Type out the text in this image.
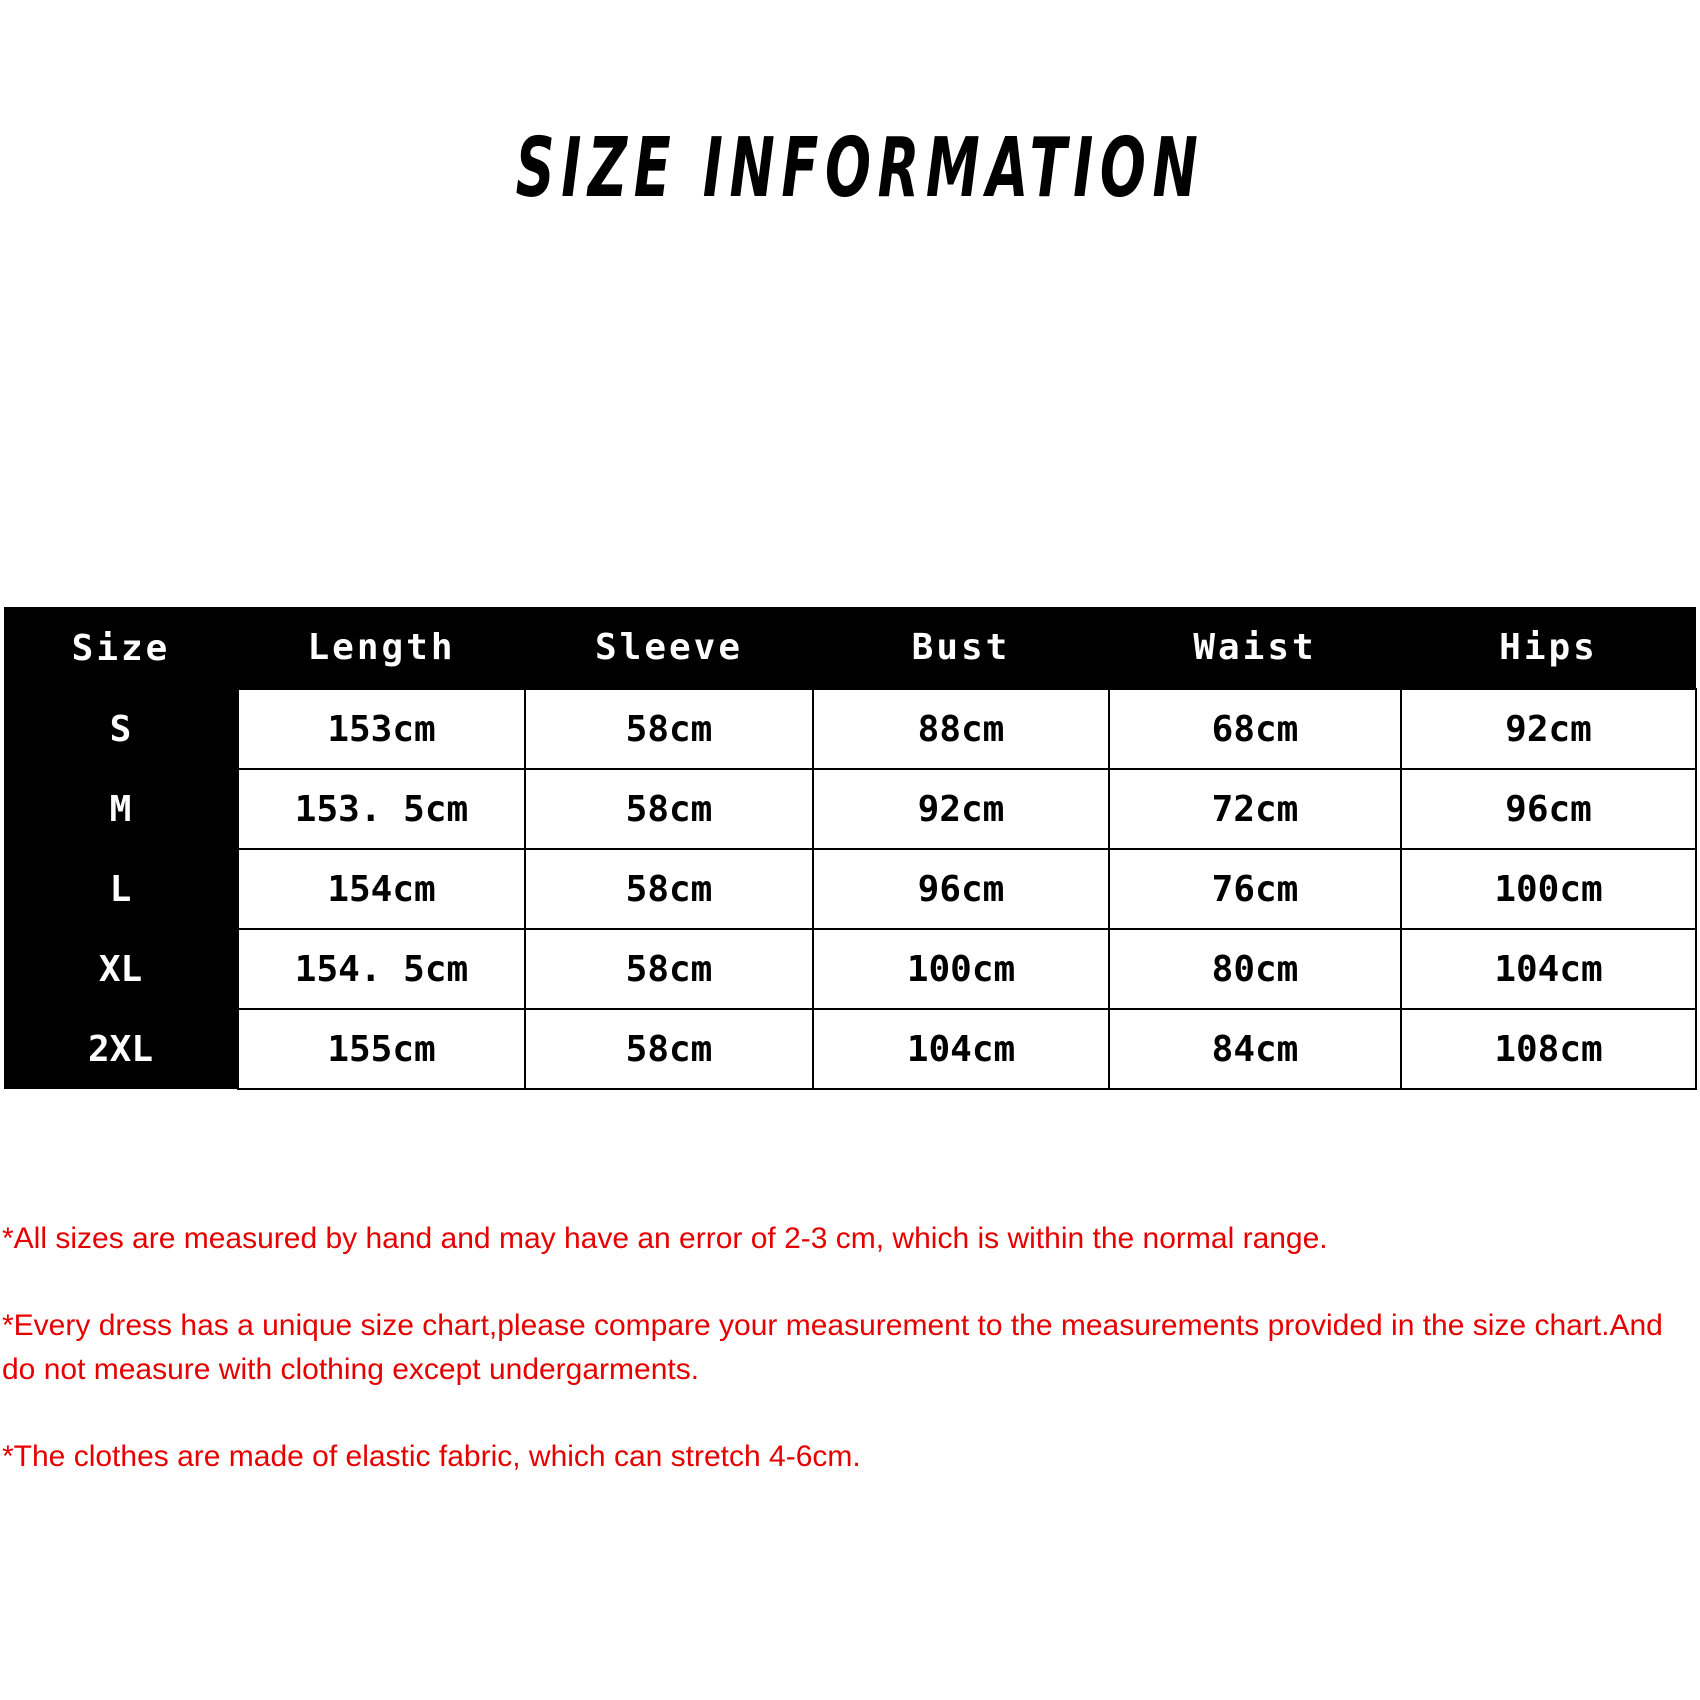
SIZE INFORMATION
Size	Length	Sleeve	Bust	Waist	Hips
S	153cm	58cm	88cm	68cm	92cm
M	153. 5cm	58cm	92cm	72cm	96cm
L	154cm	58cm	96cm	76cm	100cm
XL	154. 5cm	58cm	100cm	80cm	104cm
2XL	155cm	58cm	104cm	84cm	108cm

*All sizes are measured by hand and may have an error of 2-3 cm, which is within the normal range.

*Every dress has a unique size chart,please compare your measurement to the measurements provided in the size chart.And do not measure with clothing except undergarments.

*The clothes are made of elastic fabric, which can stretch 4-6cm.
